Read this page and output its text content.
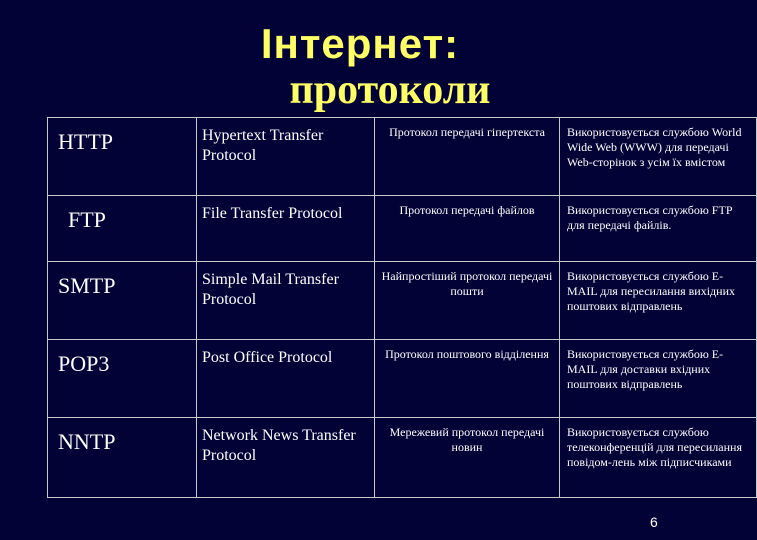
Інтернет:
протоколи
HTTP	Hypertext Transfer Protocol	Протокол передачі гіпертекста	Використовується службою World Wide Web (WWW) для передачі Web-сторінок з усім їх вмістом
FTP	File Transfer Protocol	Протокол передачі файлов	Використовується службою FTP для передачі файлів.
SMTP	Simple Mail Transfer Protocol	Найпростіший протокол передачі пошти	Використовується службою E-MAIL для пересилання вихідних поштових відправлень
POP3	Post Office Protocol	Протокол поштового відділення	Використовується службою E-MAIL для доставки вхідних поштових відправлень
NNTP	Network News Transfer Protocol	Мережевий протокол передачі новин	Використовується службою телеконференцій для пересилання повідом-лень між підписчиками
6
